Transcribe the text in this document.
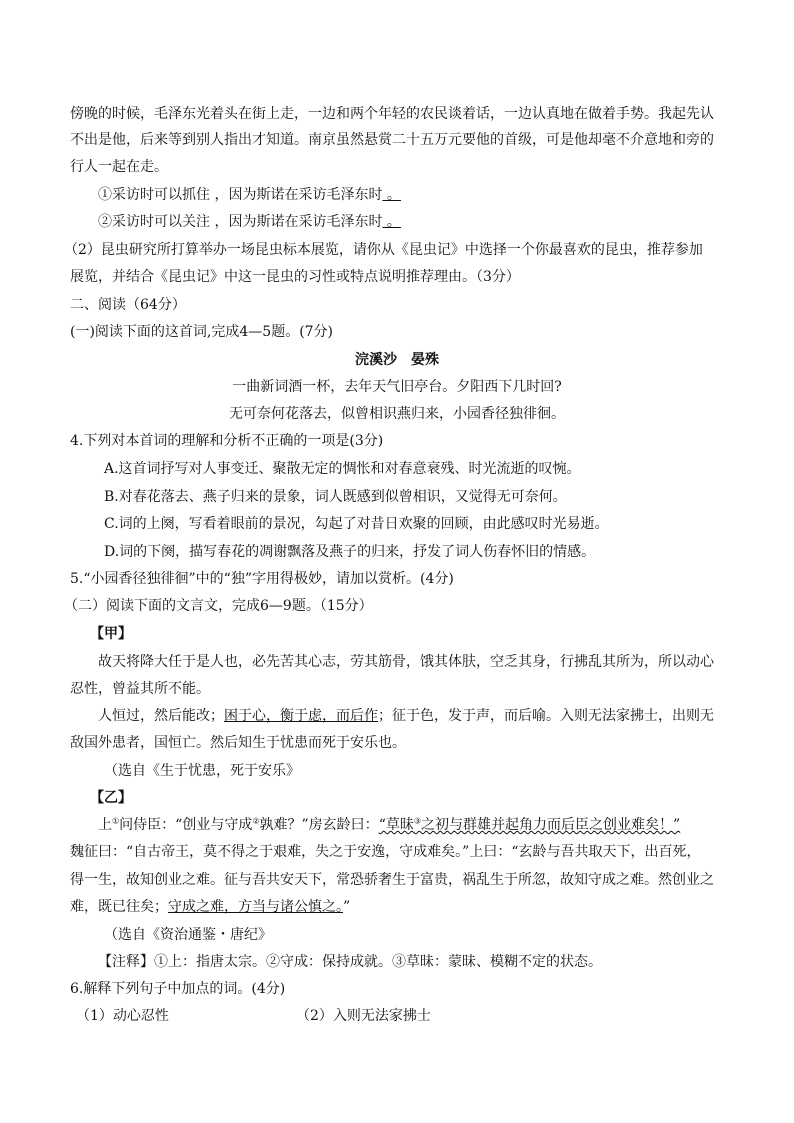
傍晚的时候，毛泽东光着头在街上走，一边和两个年轻的农民谈着话，一边认真地在做着手势。我起先认
不出是他，后来等到别人指出才知道。南京虽然悬赏二十五万元要他的首级，可是他却毫不介意地和旁的
行人一起在走。
①采访时可以抓住 ，因为斯诺在采访毛泽东时 。
②采访时可以关注 ，因为斯诺在采访毛泽东时 。
（2）昆虫研究所打算举办一场昆虫标本展览，请你从《昆虫记》中选择一个你最喜欢的昆虫，推荐参加
展览，并结合《昆虫记》中这一昆虫的习性或特点说明推荐理由。（3分）
二、阅读（64分）
(一)阅读下面的这首词,完成4—5题。(7分)
浣溪沙　晏殊
一曲新词酒一杯，去年天气旧亭台。夕阳西下几时回?
无可奈何花落去，似曾相识燕归来，小园香径独徘徊。
4.下列对本首词的理解和分析不正确的一项是(3分)
A.这首词抒写对人事变迁、聚散无定的惆怅和对春意衰残、时光流逝的叹惋。
B.对春花落去、燕子归来的景象，词人既感到似曾相识，又觉得无可奈何。
C.词的上阕，写看着眼前的景况，勾起了对昔日欢聚的回顾，由此感叹时光易逝。
D.词的下阕，描写春花的凋谢飘落及燕子的归来，抒发了词人伤春怀旧的情感。
5.“小园香径独徘徊”中的“独”字用得极妙，请加以赏析。(4分)
（二）阅读下面的文言文，完成6—9题。（15分）
【甲】
故天将降大任于是人也，必先苦其心志，劳其筋骨，饿其体肤，空乏其身，行拂乱其所为，所以动心
忍性，曾益其所不能。
人恒过，然后能改；困于心，衡于虑，而后作；征于色，发于声，而后喻。入则无法家拂士，出则无
敌国外患者，国恒亡。然后知生于忧患而死于安乐也。
（选自《生于忧患，死于安乐》
【乙】
上①问侍臣：“创业与守成②孰难？”房玄龄曰：“草昧③之初与群雄并起角力而后臣之创业难矣！”
魏征曰：“自古帝王，莫不得之于艰难，失之于安逸，守成难矣。”上曰：“玄龄与吾共取天下，出百死，
得一生，故知创业之难。征与吾共安天下，常恐骄奢生于富贵，祸乱生于所忽，故知守成之难。然创业之
难，既已往矣；守成之难，方当与诸公慎之。”
（选自《资治通鉴・唐纪》
【注释】①上：指唐太宗。②守成：保持成就。③草昧：蒙昧、模糊不定的状态。
6.解释下列句子中加点的词。(4分)
（1）动心忍性	（2）入则无法家拂士
